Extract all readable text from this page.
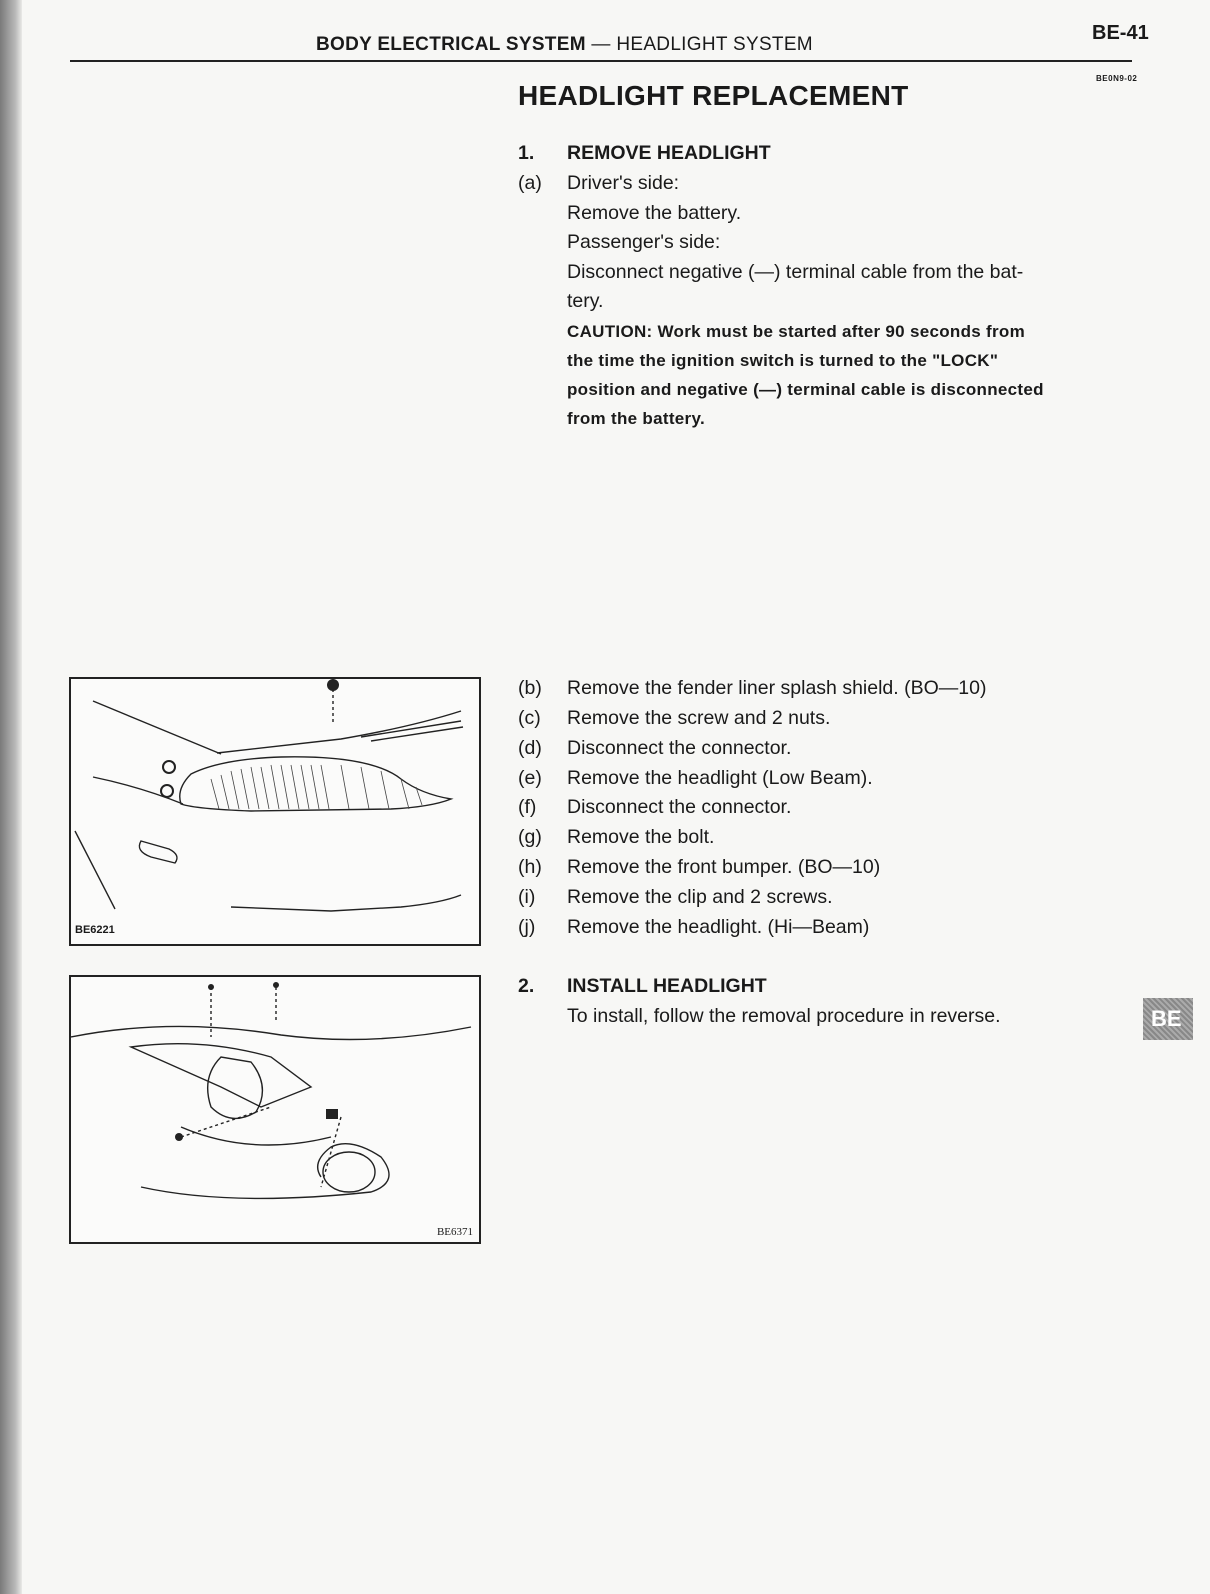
BODY ELECTRICAL SYSTEM — HEADLIGHT SYSTEM
BE-41
BE0N9-02
HEADLIGHT REPLACEMENT
1. REMOVE HEADLIGHT
(a) Driver's side:
Remove the battery.
Passenger's side:
Disconnect negative (—) terminal cable from the bat-
tery.
CAUTION: Work must be started after 90 seconds from
the time the ignition switch is turned to the "LOCK"
position and negative (—) terminal cable is disconnected
from the battery.
(b) Remove the fender liner splash shield. (BO—10)
(c) Remove the screw and 2 nuts.
(d) Disconnect the connector.
(e) Remove the headlight (Low Beam).
(f) Disconnect the connector.
(g) Remove the bolt.
(h) Remove the front bumper. (BO—10)
(i) Remove the clip and 2 screws.
(j) Remove the headlight. (Hi—Beam)
2. INSTALL HEADLIGHT
To install, follow the removal procedure in reverse.
BE6221
BE6371
BE
